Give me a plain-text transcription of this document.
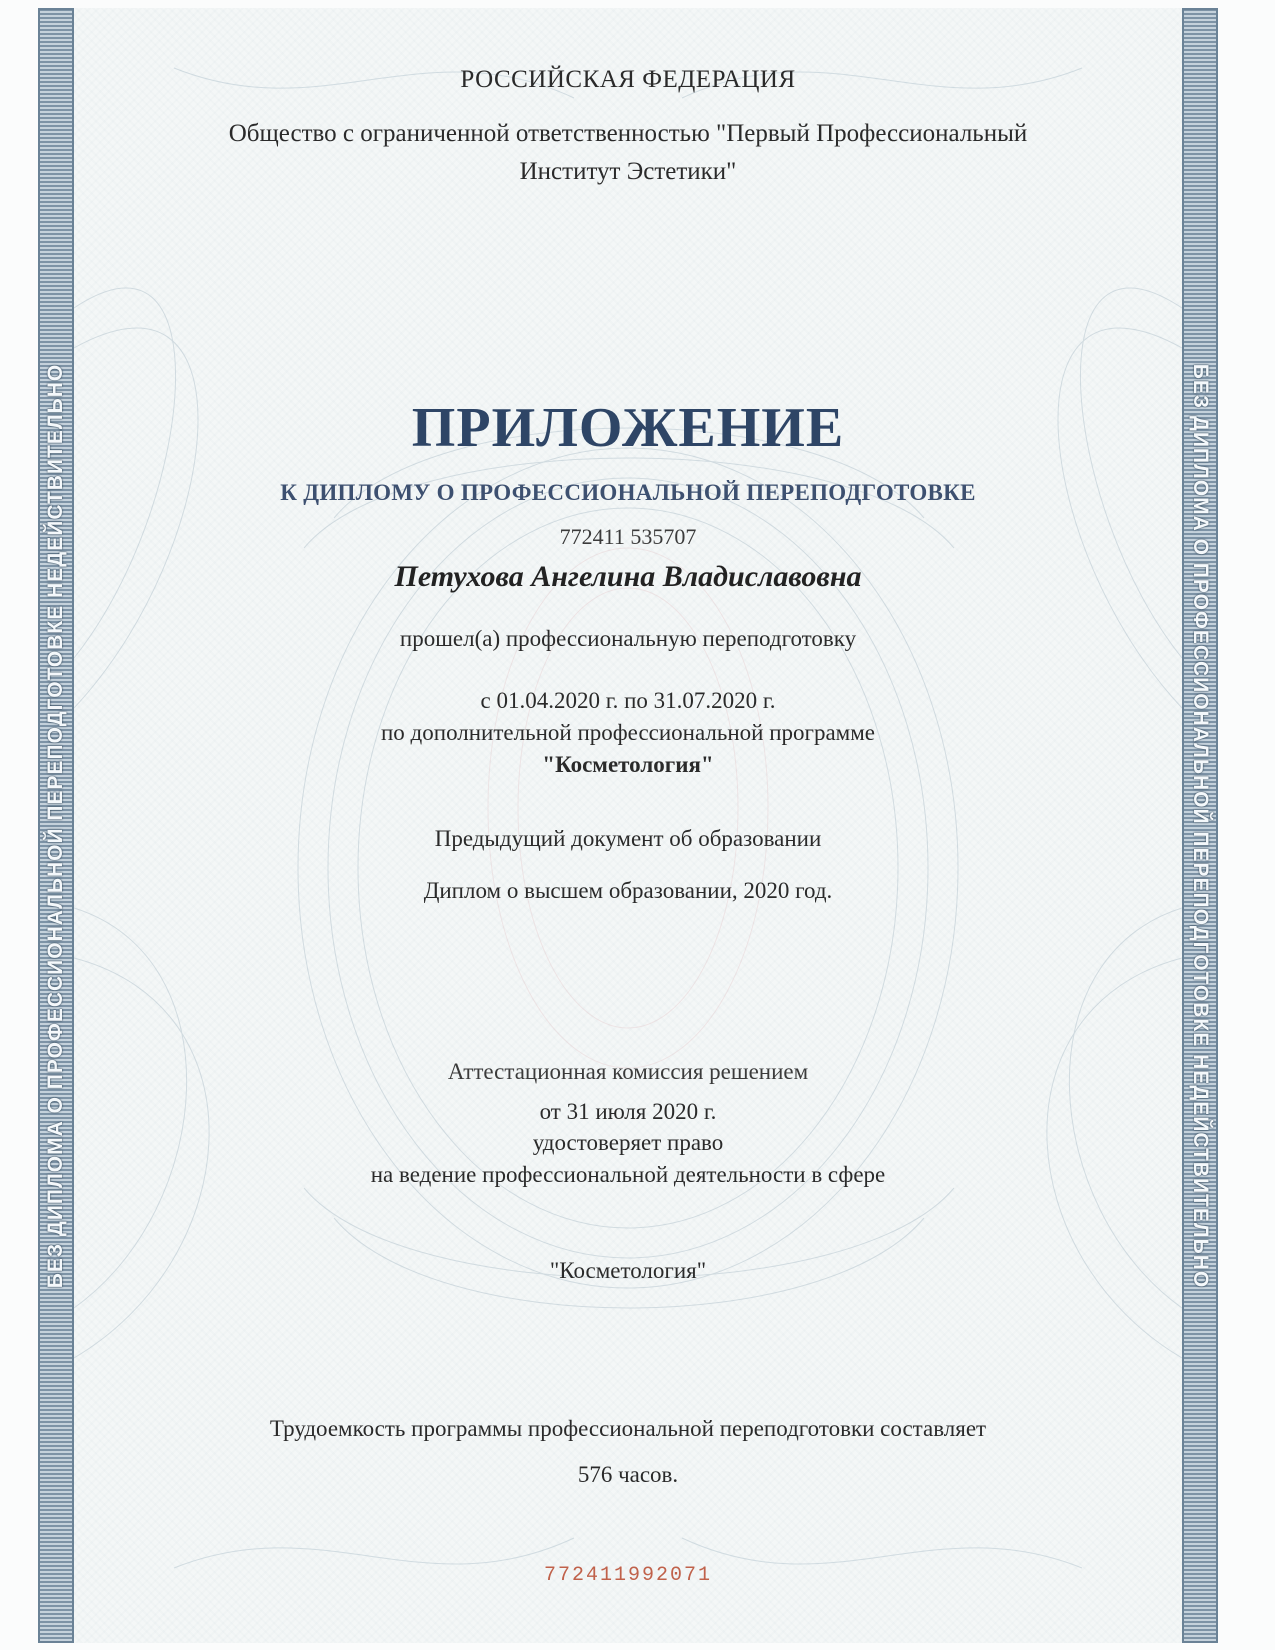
БЕЗ ДИПЛОМА О ПРОФЕССИОНАЛЬНОЙ ПЕРЕПОДГОТОВКЕ НЕДЕЙСТВИТЕЛЬНО	БЕЗ ДИПЛОМА О ПРОФЕССИОНАЛЬНОЙ ПЕРЕПОДГОТОВКЕ НЕДЕЙСТВИТЕЛЬНО
РОССИЙСКАЯ ФЕДЕРАЦИЯ
Общество с ограниченной ответственностью "Первый Профессиональный
Институт Эстетики"
ПРИЛОЖЕНИЕ
К ДИПЛОМУ О ПРОФЕССИОНАЛЬНОЙ ПЕРЕПОДГОТОВКЕ
772411 535707
Петухова Ангелина Владиславовна
прошел(а) профессиональную переподготовку
с 01.04.2020 г. по 31.07.2020 г.
по дополнительной профессиональной программе
"Косметология"
Предыдущий документ об образовании
Диплом о высшем образовании, 2020 год.
Аттестационная комиссия решением
от 31 июля 2020 г.
удостоверяет право
на ведение профессиональной деятельности в сфере
"Косметология"
Трудоемкость программы профессиональной переподготовки составляет
576 часов.
772411992071
